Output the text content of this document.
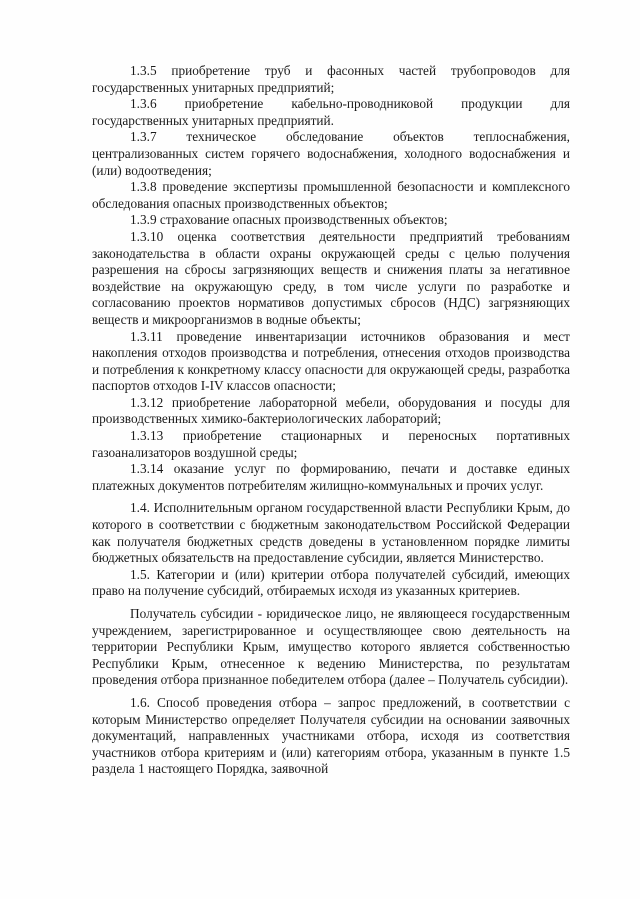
1.3.5 приобретение труб и фасонных частей трубопроводов для государственных унитарных предприятий;

1.3.6 приобретение кабельно-проводниковой продукции для государственных унитарных предприятий.

1.3.7 техническое обследование объектов теплоснабжения, централизованных систем горячего водоснабжения, холодного водоснабжения и (или) водоотведения;

1.3.8 проведение экспертизы промышленной безопасности и комплексного обследования опасных производственных объектов;

1.3.9 страхование опасных производственных объектов;

1.3.10 оценка соответствия деятельности предприятий требованиям законодательства в области охраны окружающей среды с целью получения разрешения на сбросы загрязняющих веществ и снижения платы за негативное воздействие на окружающую среду, в том числе услуги по разработке и согласованию проектов нормативов допустимых сбросов (НДС) загрязняющих веществ и микроорганизмов в водные объекты;

1.3.11 проведение инвентаризации источников образования и мест накопления отходов производства и потребления, отнесения отходов производства и потребления к конкретному классу опасности для окружающей среды, разработка паспортов отходов I-IV классов опасности;

1.3.12 приобретение лабораторной мебели, оборудования и посуды для производственных химико-бактериологических лабораторий;

1.3.13 приобретение стационарных и переносных портативных газоанализаторов воздушной среды;

1.3.14 оказание услуг по формированию, печати и доставке единых платежных документов потребителям жилищно-коммунальных и прочих услуг.

1.4. Исполнительным органом государственной власти Республики Крым, до которого в соответствии с бюджетным законодательством Российской Федерации как получателя бюджетных средств доведены в установленном порядке лимиты бюджетных обязательств на предоставление субсидии, является Министерство.

1.5. Категории и (или) критерии отбора получателей субсидий, имеющих право на получение субсидий, отбираемых исходя из указанных критериев.

Получатель субсидии - юридическое лицо, не являющееся государственным учреждением, зарегистрированное и осуществляющее свою деятельность на территории Республики Крым, имущество которого является собственностью Республики Крым, отнесенное к ведению Министерства, по результатам проведения отбора признанное победителем отбора (далее – Получатель субсидии).

1.6. Способ проведения отбора – запрос предложений, в соответствии с которым Министерство определяет Получателя субсидии на основании заявочных документаций, направленных участниками отбора, исходя из соответствия участников отбора критериям и (или) категориям отбора, указанным в пункте 1.5 раздела 1 настоящего Порядка, заявочной
